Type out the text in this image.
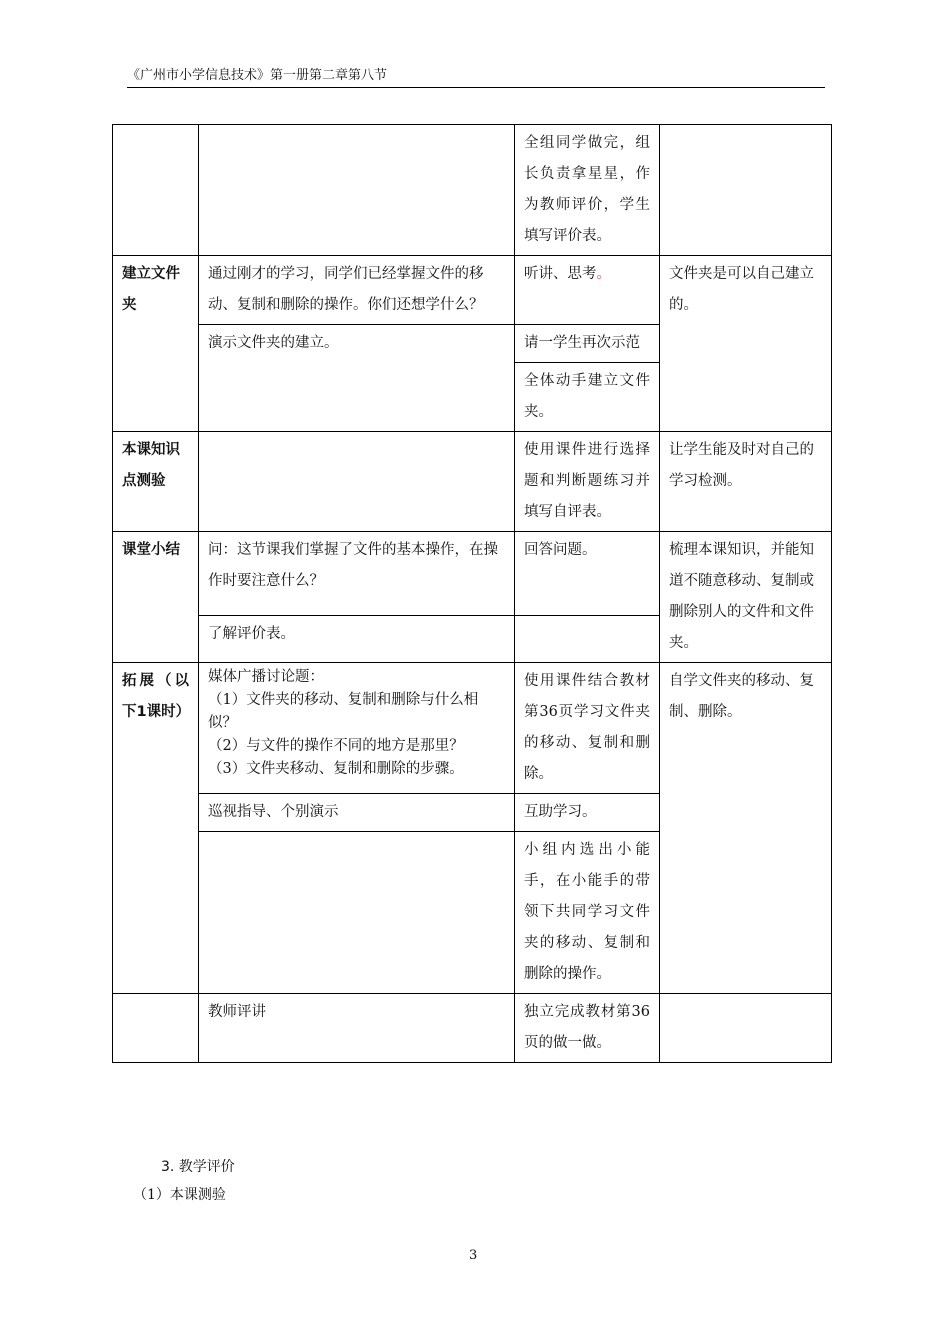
《广州市小学信息技术》第一册第二章第八节
		全组同学做完，组长负责拿星星，作为教师评价，学生填写评价表。	
建立文件夹	通过刚才的学习，同学们已经掌握文件的移动、复制和删除的操作。你们还想学什么？	听讲、思考。	文件夹是可以自己建立的。
	演示文件夹的建立。	请一学生再次示范	
		全体动手建立文件夹。	
本课知识点测验		使用课件进行选择题和判断题练习并填写自评表。	让学生能及时对自己的学习检测。
课堂小结	问：这节课我们掌握了文件的基本操作，在操作时要注意什么？	回答问题。	梳理本课知识，并能知道不随意移动、复制或删除别人的文件和文件夹。
	了解评价表。		
拓展（以下1课时）	媒体广播讨论题：
（1）文件夹的移动、复制和删除与什么相似？
（2）与文件的操作不同的地方是那里？
（3）文件夹移动、复制和删除的步骤。	使用课件结合教材第36页学习文件夹的移动、复制和删除。	自学文件夹的移动、复制、删除。
	巡视指导、个别演示	互助学习。	
		小组内选出小能手，在小能手的带领下共同学习文件夹的移动、复制和删除的操作。	
	教师评讲	独立完成教材第36页的做一做。	
3. 教学评价
（1）本课测验
3
